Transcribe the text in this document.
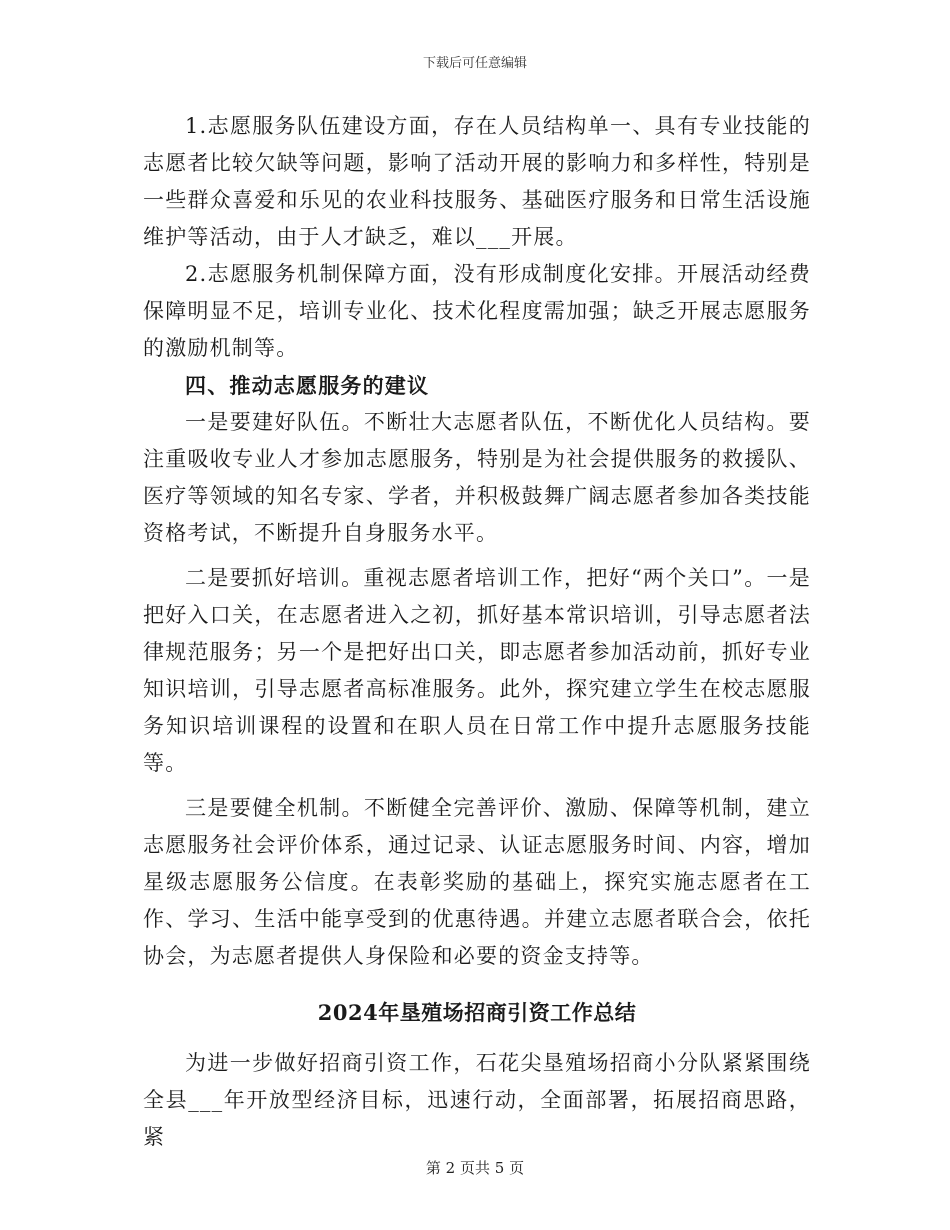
下载后可任意编辑

1.志愿服务队伍建设方面，存在人员结构单一、具有专业技能的志愿者比较欠缺等问题，影响了活动开展的影响力和多样性，特别是一些群众喜爱和乐见的农业科技服务、基础医疗服务和日常生活设施维护等活动，由于人才缺乏，难以___开展。

2.志愿服务机制保障方面，没有形成制度化安排。开展活动经费保障明显不足，培训专业化、技术化程度需加强；缺乏开展志愿服务的激励机制等。

四、推动志愿服务的建议

一是要建好队伍。不断壮大志愿者队伍，不断优化人员结构。要注重吸收专业人才参加志愿服务，特别是为社会提供服务的救援队、医疗等领域的知名专家、学者，并积极鼓舞广阔志愿者参加各类技能资格考试，不断提升自身服务水平。

二是要抓好培训。重视志愿者培训工作，把好“两个关口”。一是把好入口关，在志愿者进入之初，抓好基本常识培训，引导志愿者法律规范服务；另一个是把好出口关，即志愿者参加活动前，抓好专业知识培训，引导志愿者高标准服务。此外，探究建立学生在校志愿服务知识培训课程的设置和在职人员在日常工作中提升志愿服务技能等。

三是要健全机制。不断健全完善评价、激励、保障等机制，建立志愿服务社会评价体系，通过记录、认证志愿服务时间、内容，增加星级志愿服务公信度。在表彰奖励的基础上，探究实施志愿者在工作、学习、生活中能享受到的优惠待遇。并建立志愿者联合会，依托协会，为志愿者提供人身保险和必要的资金支持等。

2024年垦殖场招商引资工作总结

为进一步做好招商引资工作，石花尖垦殖场招商小分队紧紧围绕全县___年开放型经济目标，迅速行动，全面部署，拓展招商思路，紧

第 2 页共 5 页
